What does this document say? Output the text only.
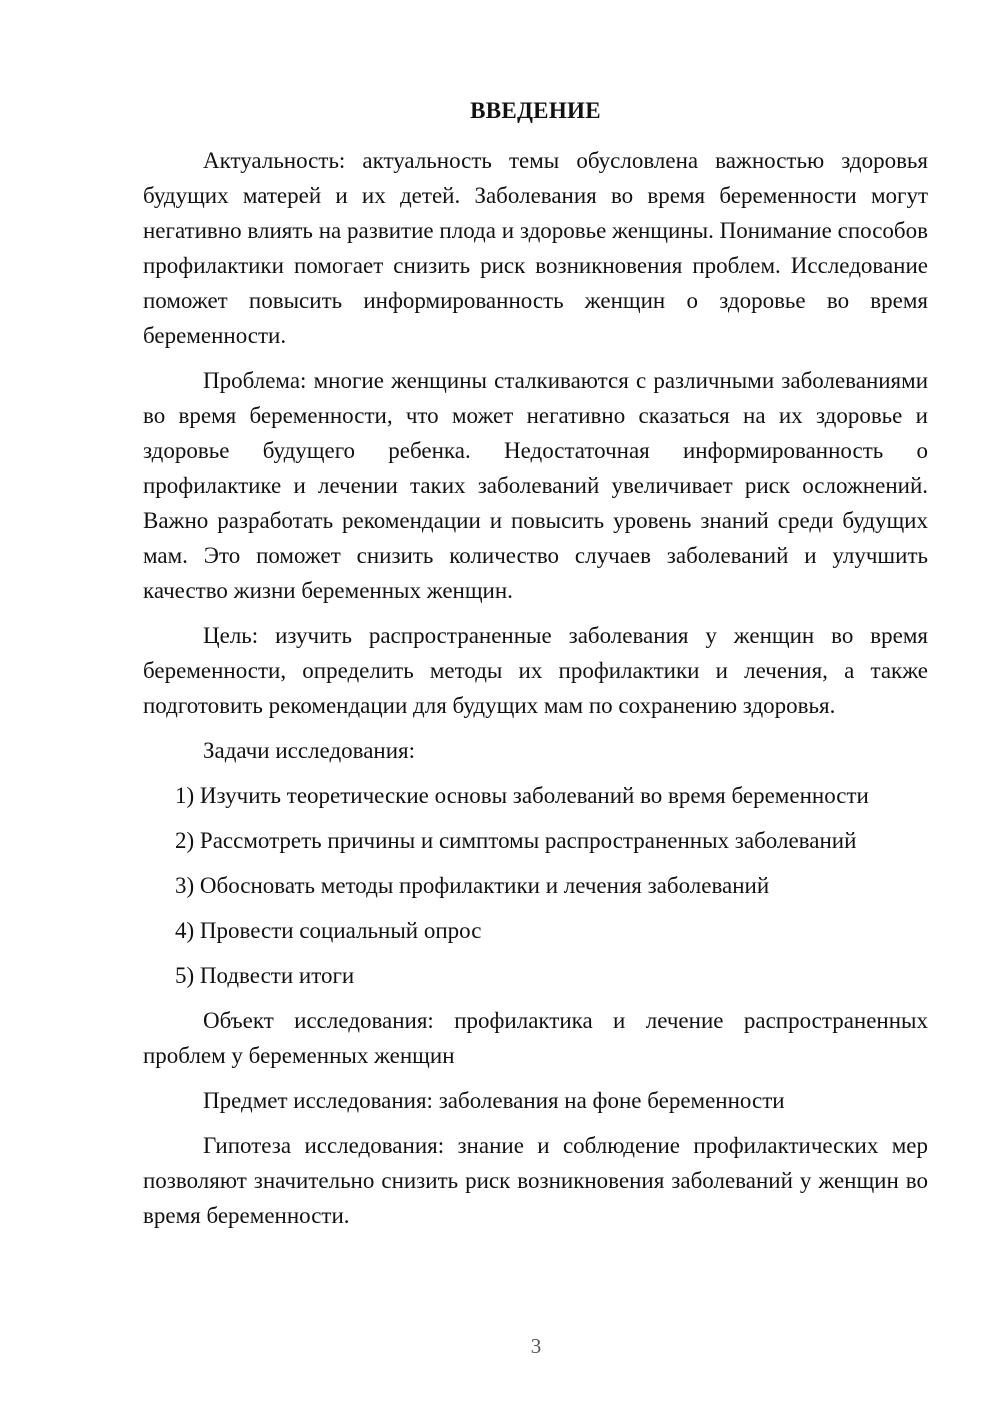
ВВЕДЕНИЕ

Актуальность: актуальность темы обусловлена важностью здоровья будущих матерей и их детей. Заболевания во время беременности могут негативно влиять на развитие плода и здоровье женщины. Понимание способов профилактики помогает снизить риск возникновения проблем. Исследование поможет повысить информированность женщин о здоровье во время беременности.

Проблема: многие женщины сталкиваются с различными заболеваниями во время беременности, что может негативно сказаться на их здоровье и здоровье будущего ребенка. Недостаточная информированность о профилактике и лечении таких заболеваний увеличивает риск осложнений. Важно разработать рекомендации и повысить уровень знаний среди будущих мам. Это поможет снизить количество случаев заболеваний и улучшить качество жизни беременных женщин.

Цель: изучить распространенные заболевания у женщин во время беременности, определить методы их профилактики и лечения, а также подготовить рекомендации для будущих мам по сохранению здоровья.

Задачи исследования:

1) Изучить теоретические основы заболеваний во время беременности

2) Рассмотреть причины и симптомы распространенных заболеваний

3) Обосновать методы профилактики и лечения заболеваний

4) Провести социальный опрос

5) Подвести итоги

Объект исследования: профилактика и лечение распространенных проблем у беременных женщин

Предмет исследования: заболевания на фоне беременности

Гипотеза исследования: знание и соблюдение профилактических мер позволяют значительно снизить риск возникновения заболеваний у женщин во время беременности.

3
